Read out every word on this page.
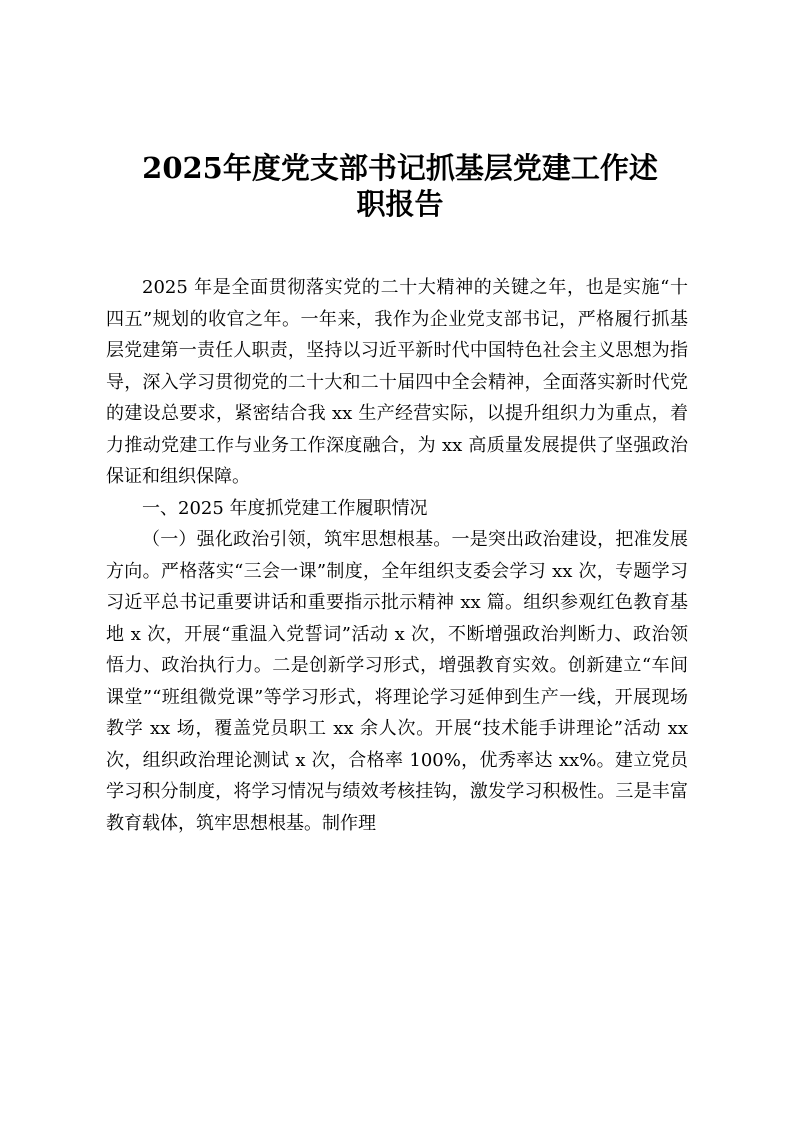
2025年度党支部书记抓基层党建工作述
职报告

2025 年是全面贯彻落实党的二十大精神的关键之年，也是实施“十四五”规划的收官之年。一年来，我作为企业党支部书记，严格履行抓基层党建第一责任人职责，坚持以习近平新时代中国特色社会主义思想为指导，深入学习贯彻党的二十大和二十届四中全会精神，全面落实新时代党的建设总要求，紧密结合我 xx 生产经营实际，以提升组织力为重点，着力推动党建工作与业务工作深度融合，为 xx 高质量发展提供了坚强政治保证和组织保障。

一、2025 年度抓党建工作履职情况

（一）强化政治引领，筑牢思想根基。一是突出政治建设，把准发展方向。严格落实“三会一课”制度，全年组织支委会学习 xx 次，专题学习习近平总书记重要讲话和重要指示批示精神 xx 篇。组织参观红色教育基地 x 次，开展“重温入党誓词”活动 x 次，不断增强政治判断力、政治领悟力、政治执行力。二是创新学习形式，增强教育实效。创新建立“车间课堂”“班组微党课”等学习形式，将理论学习延伸到生产一线，开展现场教学 xx 场，覆盖党员职工 xx 余人次。开展“技术能手讲理论”活动 xx 次，组织政治理论测试 x 次，合格率 100%，优秀率达 xx%。建立党员学习积分制度，将学习情况与绩效考核挂钩，激发学习积极性。三是丰富教育载体，筑牢思想根基。制作理
